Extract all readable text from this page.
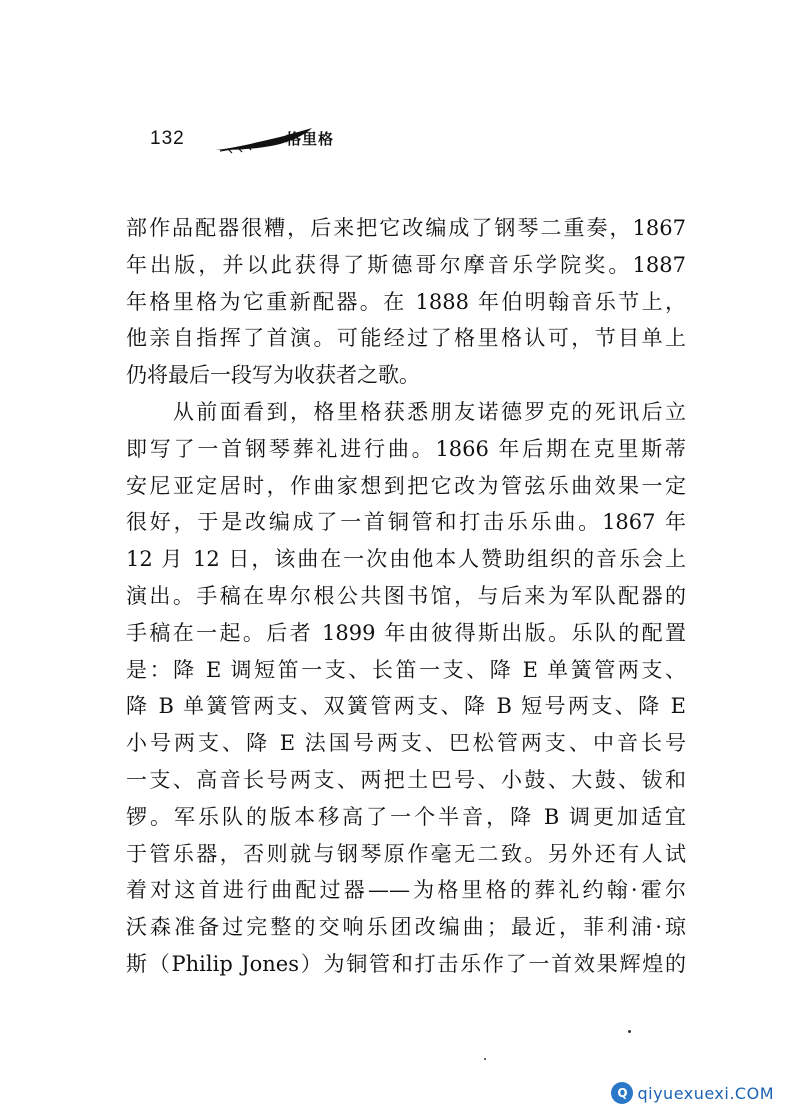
132	格里格
部作品配器很糟，后来把它改编成了钢琴二重奏，1867
年出版，并以此获得了斯德哥尔摩音乐学院奖。1887
年格里格为它重新配器。在 1888 年伯明翰音乐节上，
他亲自指挥了首演。可能经过了格里格认可，节目单上
仍将最后一段写为收获者之歌。
　　从前面看到，格里格获悉朋友诺德罗克的死讯后立
即写了一首钢琴葬礼进行曲。1866 年后期在克里斯蒂
安尼亚定居时，作曲家想到把它改为管弦乐曲效果一定
很好，于是改编成了一首铜管和打击乐乐曲。1867 年
12 月 12 日，该曲在一次由他本人赞助组织的音乐会上
演出。手稿在卑尔根公共图书馆，与后来为军队配器的
手稿在一起。后者 1899 年由彼得斯出版。乐队的配置
是：降 E 调短笛一支、长笛一支、降 E 单簧管两支、
降 B 单簧管两支、双簧管两支、降 B 短号两支、降 E
小号两支、降 E 法国号两支、巴松管两支、中音长号
一支、高音长号两支、两把土巴号、小鼓、大鼓、钹和
锣。军乐队的版本移高了一个半音，降 B 调更加适宜
于管乐器，否则就与钢琴原作毫无二致。另外还有人试
着对这首进行曲配过器——为格里格的葬礼约翰·霍尔
沃森准备过完整的交响乐团改编曲；最近，菲利浦·琼
斯（Philip Jones）为铜管和打击乐作了一首效果辉煌的
Q qiyuexuexi.COM
